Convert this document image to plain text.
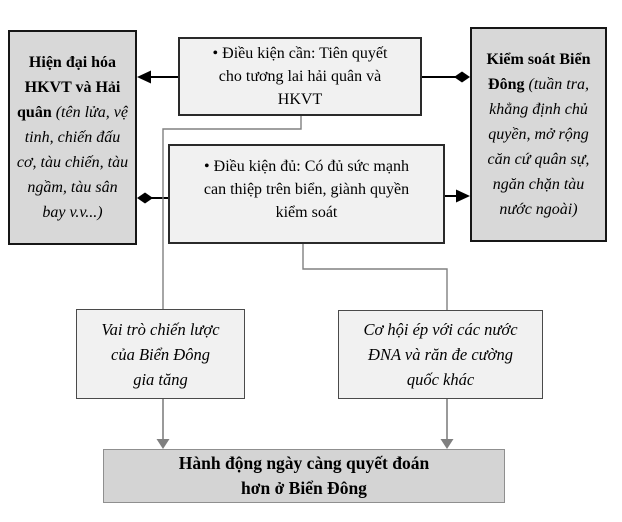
Hiện đại hóa HKVT và Hải quân (tên lửa, vệ tinh, chiến đấu cơ, tàu chiến, tàu ngầm, tàu sân bay v.v...)
• Điều kiện cần: Tiên quyết
cho tương lai hải quân và
HKVT
Kiểm soát Biển Đông (tuần tra, khẳng định chủ quyền, mở rộng căn cứ quân sự, ngăn chặn tàu nước ngoài)
• Điều kiện đủ: Có đủ sức mạnh
can thiệp trên biển, giành quyền
kiểm soát
Vai trò chiến lược
của Biển Đông
gia tăng
Cơ hội ép với các nước
ĐNA và răn đe cường
quốc khác
Hành động ngày càng quyết đoán
hơn ở Biển Đông
